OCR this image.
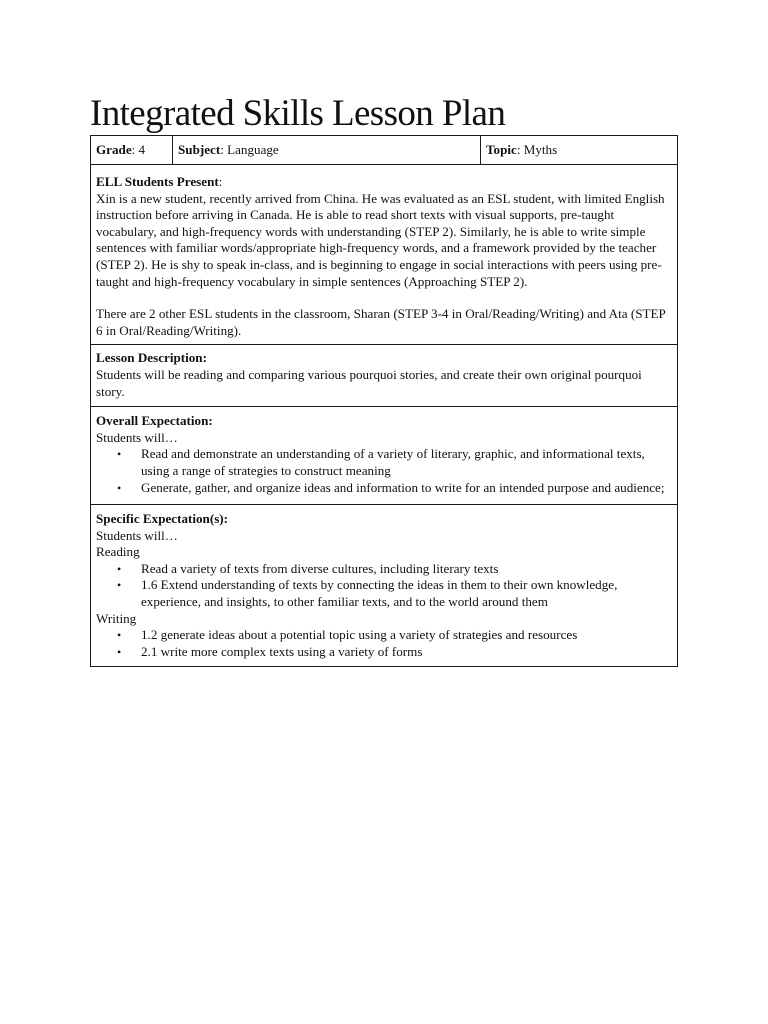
Integrated Skills Lesson Plan
Grade: 4	Subject: Language	Topic: Myths

ELL Students Present:

Xin is a new student, recently arrived from China. He was evaluated as an ESL student, with limited English instruction before arriving in Canada. He is able to read short texts with visual supports, pre-taught vocabulary, and high-frequency words with understanding (STEP 2). Similarly, he is able to write simple sentences with familiar words/appropriate high-frequency words, and a framework provided by the teacher (STEP 2). He is shy to speak in-class, and is beginning to engage in social interactions with peers using pre-taught and high-frequency vocabulary in simple sentences (Approaching STEP 2).

There are 2 other ESL students in the classroom, Sharan (STEP 3-4 in Oral/Reading/Writing) and Ata (STEP 6 in Oral/Reading/Writing).

Lesson Description:

Students will be reading and comparing various pourquoi stories, and create their own original pourquoi story.

Overall Expectation:

Students will…

• Read and demonstrate an understanding of a variety of literary, graphic, and informational texts, using a range of strategies to construct meaning
• Generate, gather, and organize ideas and information to write for an intended purpose and audience;

Specific Expectation(s):

Students will…

Reading

• Read a variety of texts from diverse cultures, including literary texts
• 1.6 Extend understanding of texts by connecting the ideas in them to their own knowledge, experience, and insights, to other familiar texts, and to the world around them

Writing

• 1.2 generate ideas about a potential topic using a variety of strategies and resources
• 2.1 write more complex texts using a variety of forms
